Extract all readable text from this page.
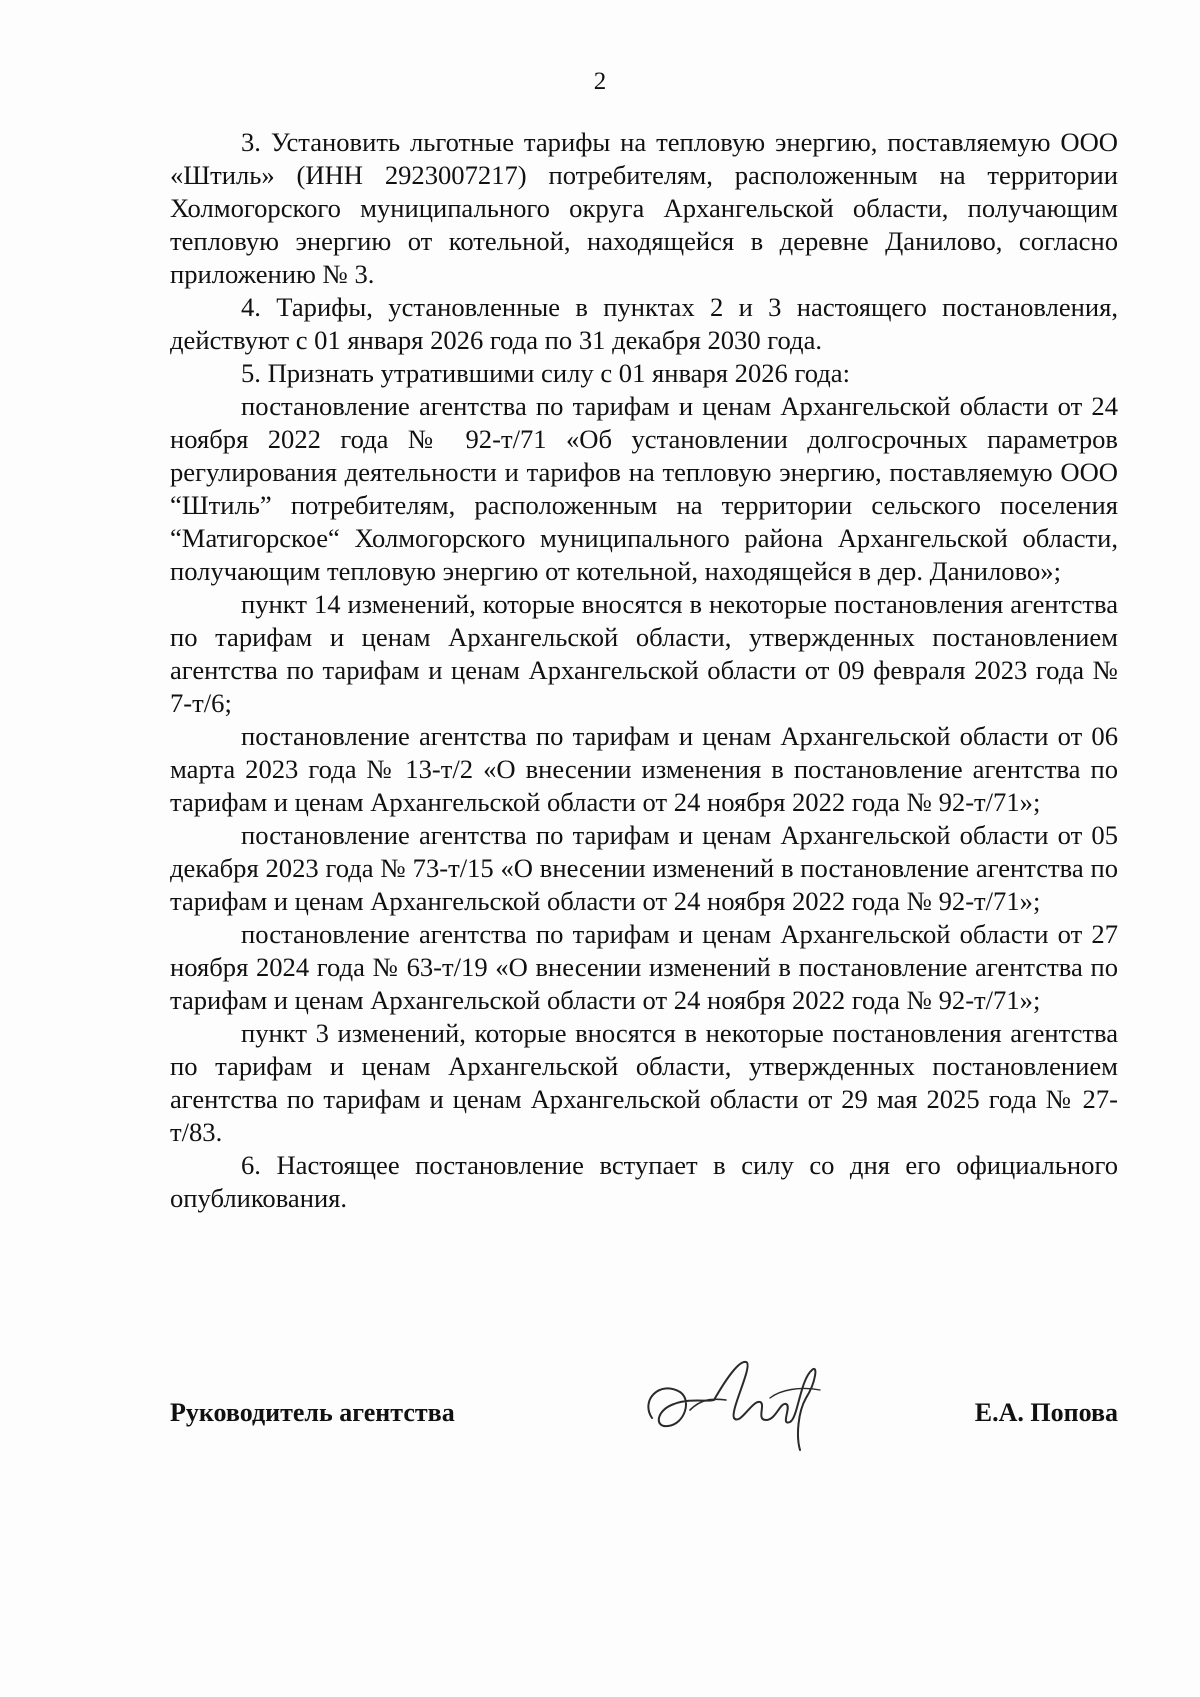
2

3. Установить льготные тарифы на тепловую энергию, поставляемую ООО «Штиль» (ИНН 2923007217) потребителям, расположенным на территории Холмогорского муниципального округа Архангельской области, получающим тепловую энергию от котельной, находящейся в деревне Данилово, согласно приложению № 3.

4. Тарифы, установленные в пунктах 2 и 3 настоящего постановления, действуют с 01 января 2026 года по 31 декабря 2030 года.

5. Признать утратившими силу с 01 января 2026 года:

постановление агентства по тарифам и ценам Архангельской области от 24 ноября 2022 года № 92-т/71 «Об установлении долгосрочных параметров регулирования деятельности и тарифов на тепловую энергию, поставляемую ООО “Штиль” потребителям, расположенным на территории сельского поселения “Матигорское“ Холмогорского муниципального района Архангельской области, получающим тепловую энергию от котельной, находящейся в дер. Данилово»;

пункт 14 изменений, которые вносятся в некоторые постановления агентства по тарифам и ценам Архангельской области, утвержденных постановлением агентства по тарифам и ценам Архангельской области от 09 февраля 2023 года № 7-т/6;

постановление агентства по тарифам и ценам Архангельской области от 06 марта 2023 года № 13-т/2 «О внесении изменения в постановление агентства по тарифам и ценам Архангельской области от 24 ноября 2022 года № 92-т/71»;

постановление агентства по тарифам и ценам Архангельской области от 05 декабря 2023 года № 73-т/15 «О внесении изменений в постановление агентства по тарифам и ценам Архангельской области от 24 ноября 2022 года № 92-т/71»;

постановление агентства по тарифам и ценам Архангельской области от 27 ноября 2024 года № 63-т/19 «О внесении изменений в постановление агентства по тарифам и ценам Архангельской области от 24 ноября 2022 года № 92-т/71»;

пункт 3 изменений, которые вносятся в некоторые постановления агентства по тарифам и ценам Архангельской области, утвержденных постановлением агентства по тарифам и ценам Архангельской области от 29 мая 2025 года № 27-т/83.

6. Настоящее постановление вступает в силу со дня его официального опубликования.

Руководитель агентства	Е.А. Попова
